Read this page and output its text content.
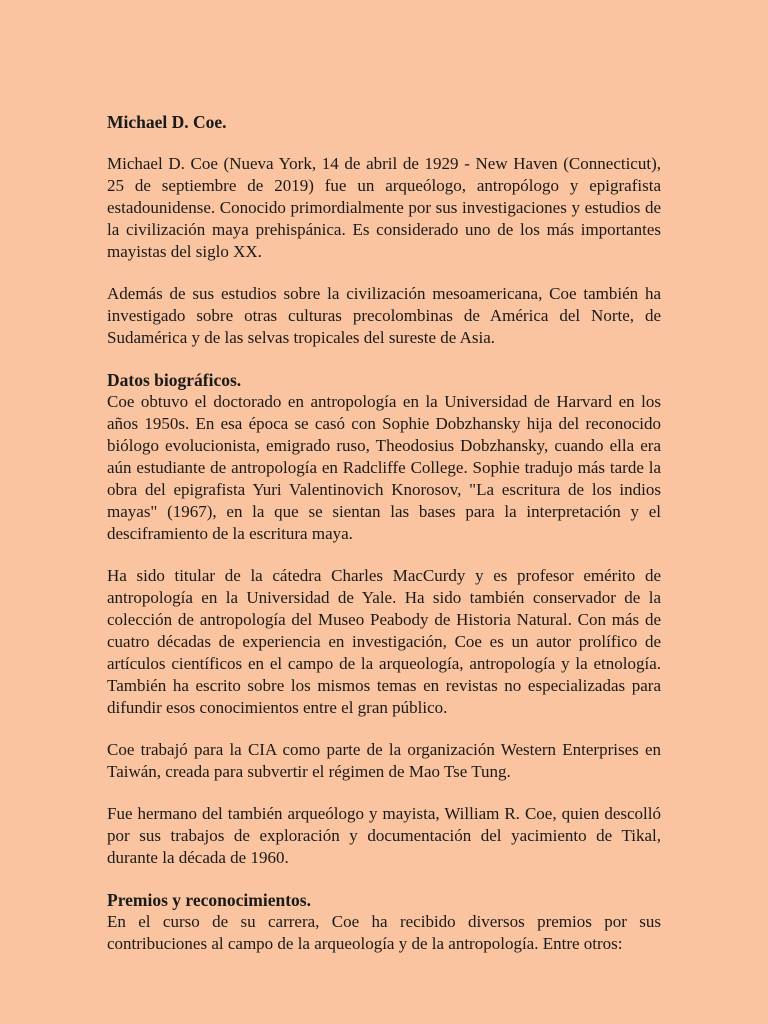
Michael D. Coe.

Michael D. Coe (Nueva York, 14 de abril de 1929 - New Haven (Connecticut), 25 de septiembre de 2019) fue un arqueólogo, antropólogo y epigrafista estadounidense. Conocido primordialmente por sus investigaciones y estudios de la civilización maya prehispánica. Es considerado uno de los más importantes mayistas del siglo XX.

Además de sus estudios sobre la civilización mesoamericana, Coe también ha investigado sobre otras culturas precolombinas de América del Norte, de Sudamérica y de las selvas tropicales del sureste de Asia.

Datos biográficos.

Coe obtuvo el doctorado en antropología en la Universidad de Harvard en los años 1950s. En esa época se casó con Sophie Dobzhansky hija del reconocido biólogo evolucionista, emigrado ruso, Theodosius Dobzhansky, cuando ella era aún estudiante de antropología en Radcliffe College. Sophie tradujo más tarde la obra del epigrafista Yuri Valentinovich Knorosov, "La escritura de los indios mayas" (1967), en la que se sientan las bases para la interpretación y el desciframiento de la escritura maya.

Ha sido titular de la cátedra Charles MacCurdy y es profesor emérito de antropología en la Universidad de Yale. Ha sido también conservador de la colección de antropología del Museo Peabody de Historia Natural. Con más de cuatro décadas de experiencia en investigación, Coe es un autor prolífico de artículos científicos en el campo de la arqueología, antropología y la etnología. También ha escrito sobre los mismos temas en revistas no especializadas para difundir esos conocimientos entre el gran público.

Coe trabajó para la CIA como parte de la organización Western Enterprises en Taiwán, creada para subvertir el régimen de Mao Tse Tung.

Fue hermano del también arqueólogo y mayista, William R. Coe, quien descolló por sus trabajos de exploración y documentación del yacimiento de Tikal, durante la década de 1960.

Premios y reconocimientos.

En el curso de su carrera, Coe ha recibido diversos premios por sus contribuciones al campo de la arqueología y de la antropología. Entre otros:
